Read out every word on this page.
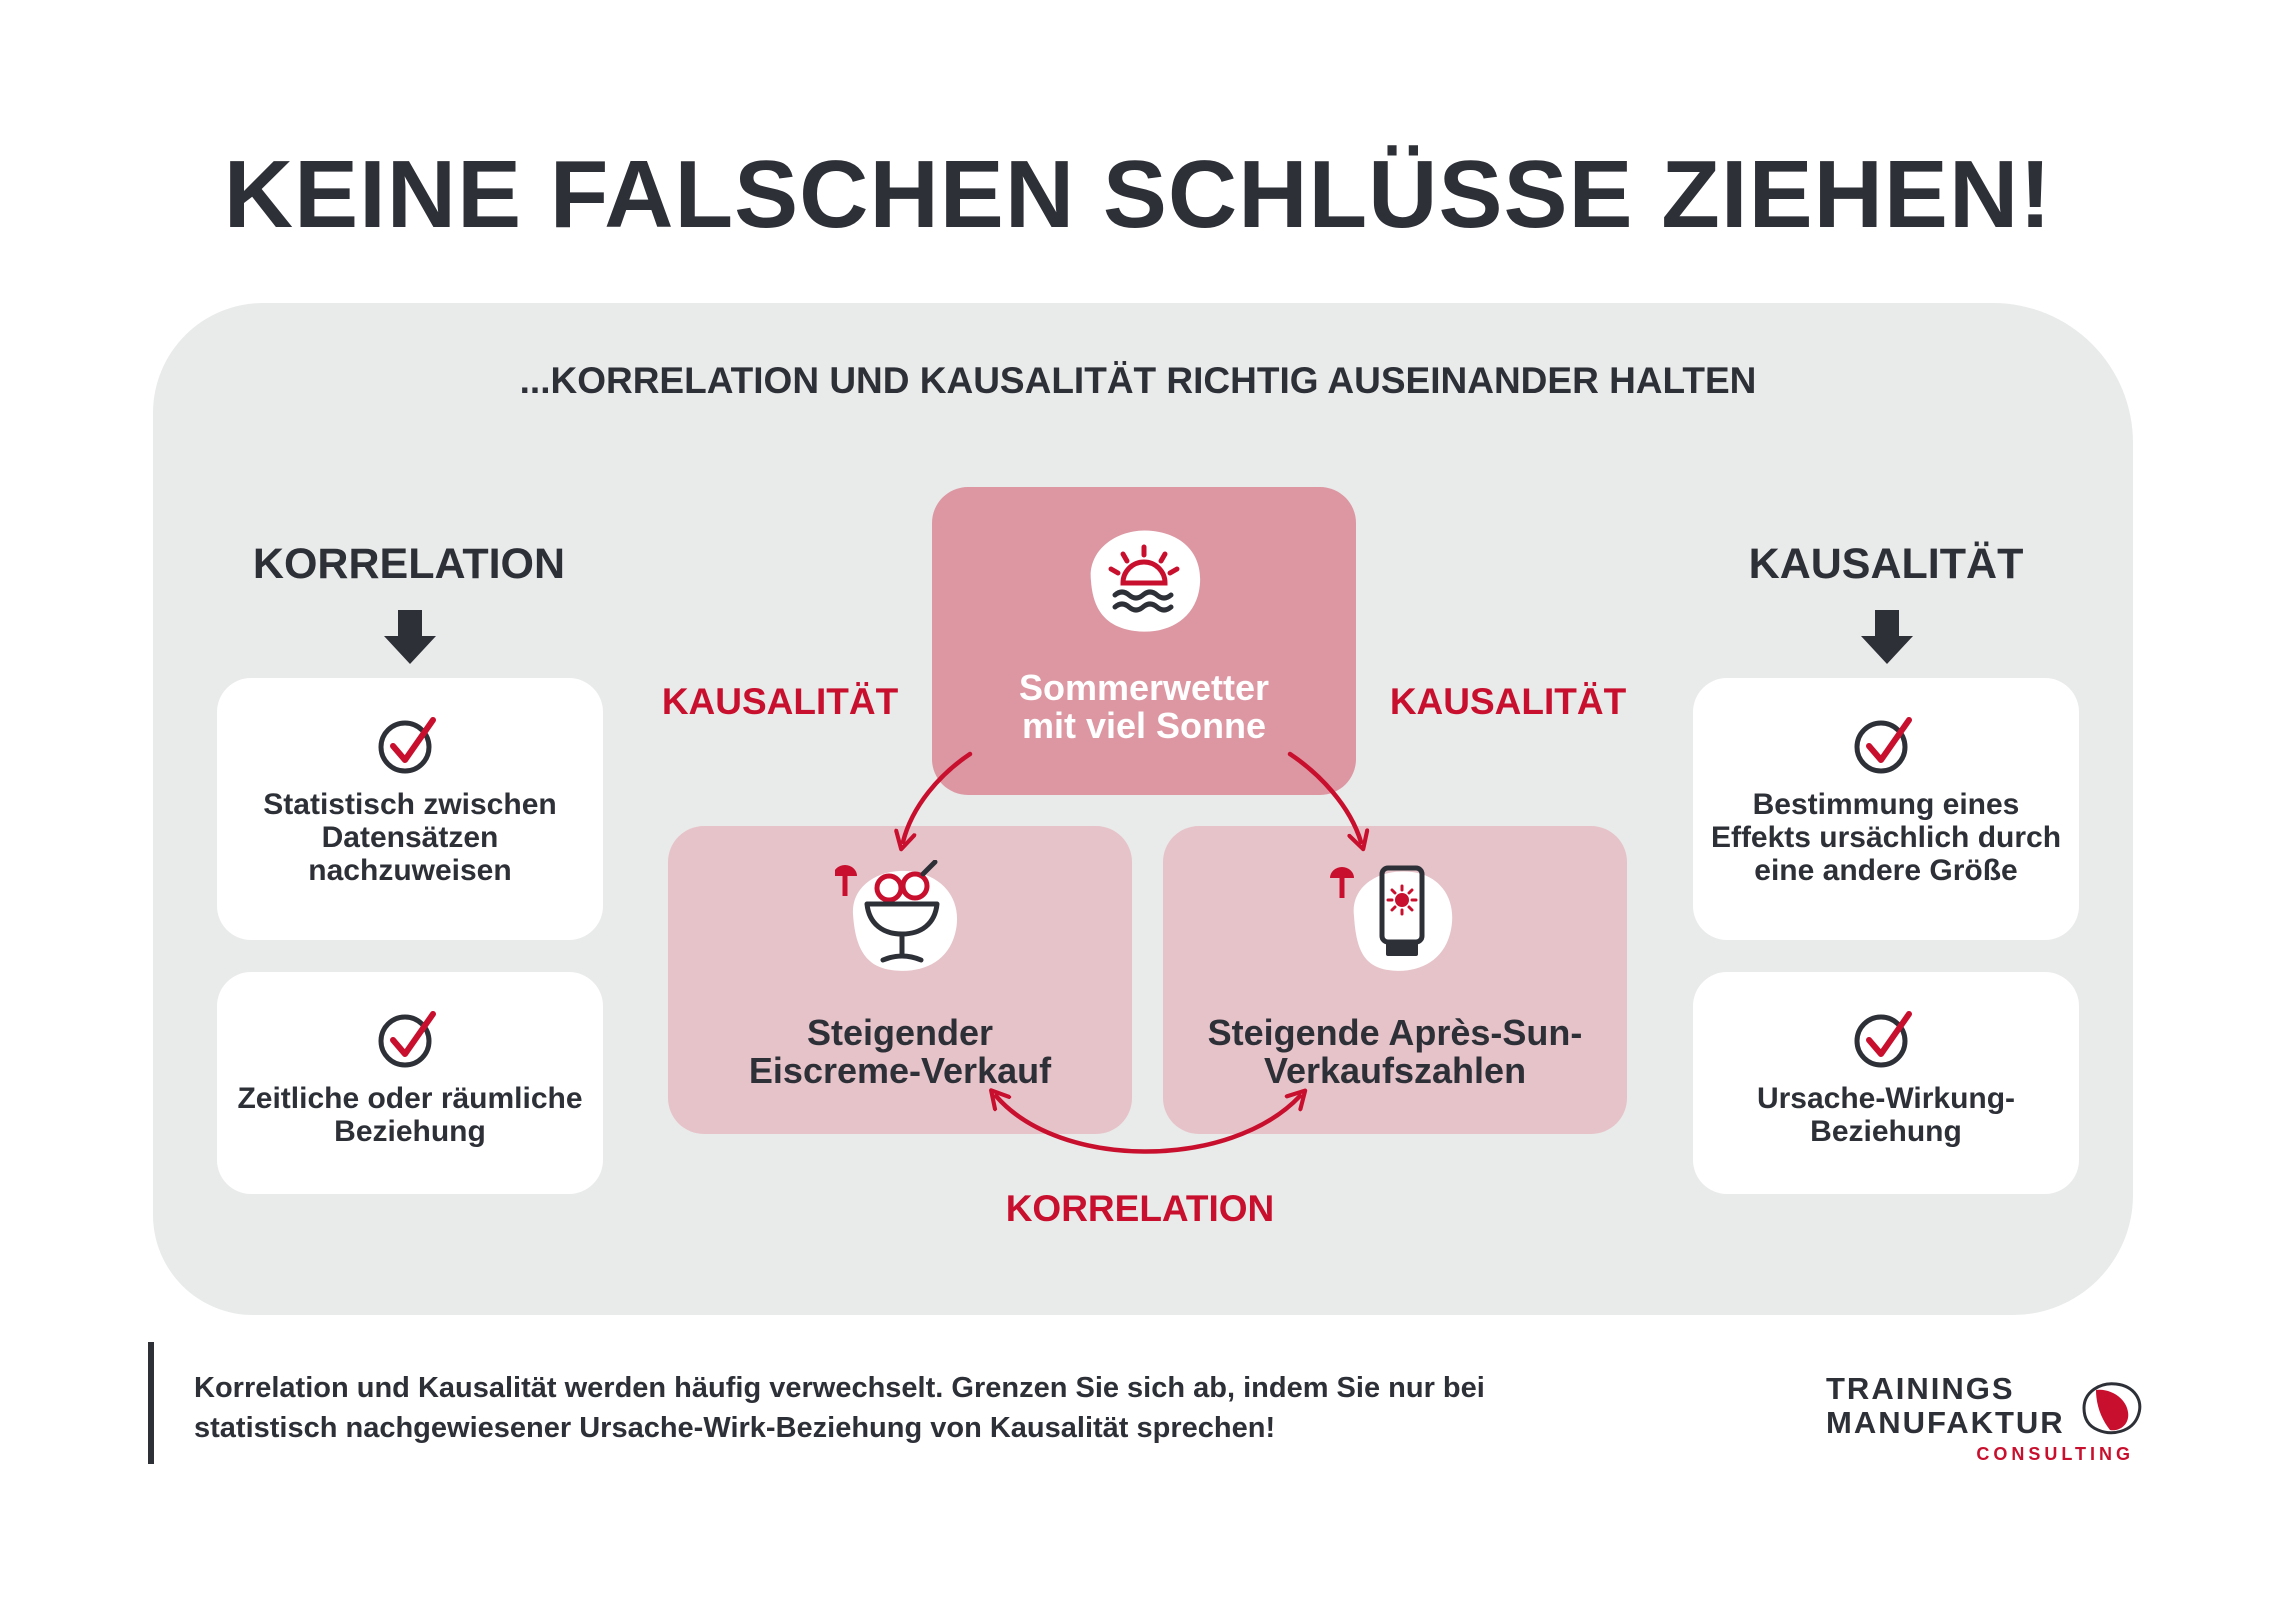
KEINE FALSCHEN SCHLÜSSE ZIEHEN!
...KORRELATION UND KAUSALITÄT RICHTIG AUSEINANDER HALTEN
KORRELATION
Statistisch zwischen Datensätzen nachzuweisen
Zeitliche oder räumliche Beziehung
KAUSALITÄT
Bestimmung eines Effekts ursächlich durch eine andere Größe
Ursache-Wirkung-Beziehung
Sommerwetter
mit viel Sonne
Steigender
Eiscreme-Verkauf
Steigende Après-Sun-
Verkaufszahlen
KAUSALITÄT	KAUSALITÄT
KORRELATION
Korrelation und Kausalität werden häufig verwechselt. Grenzen Sie sich ab, indem Sie nur bei statistisch nachgewiesener Ursache-Wirk-Beziehung von Kausalität sprechen!
TRAININGS
MANUFAKTUR
CONSULTING
